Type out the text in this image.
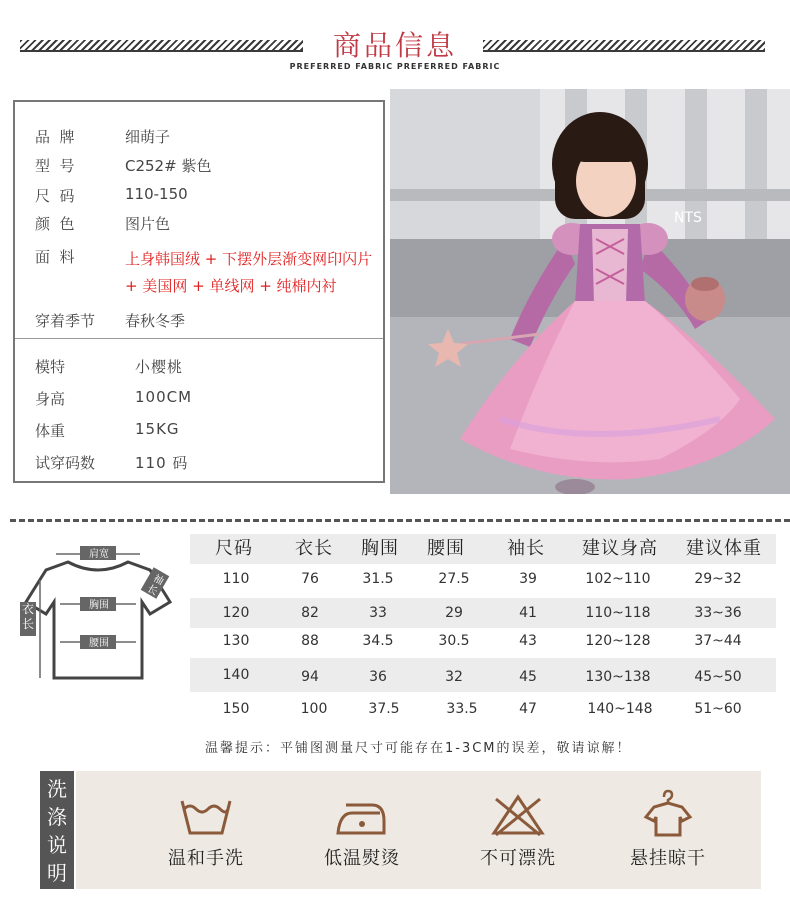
商品信息
PREFERRED FABRIC PREFERRED FABRIC
品  牌	细萌子
型  号	C252# 紫色
尺  码	110-150
颜  色	图片色
面  料	上身韩国绒 + 下摆外层渐变网印闪片 + 美国网 + 单线网 + 纯棉内衬
穿着季节 春秋冬季
模特	小樱桃
身高	100CM
体重	15KG
试穿码数	110 码
NTS
肩宽
胸围
腰围
衣长
袖长
尺码	衣长	胸围	腰围	袖长	建议身高	建议体重
110	76	31.5	27.5	39	102~110	29~32
120	82	33	29	41	110~118	33~36
130	88	34.5	30.5	43	120~128	37~44
140	94	36	32	45	130~138	45~50
150	100	37.5	33.5	47	140~148	51~60
温馨提示：平铺图测量尺寸可能存在1-3CM的误差，敬请谅解！
洗涤说明
温和手洗	低温熨烫	不可漂洗	悬挂晾干
